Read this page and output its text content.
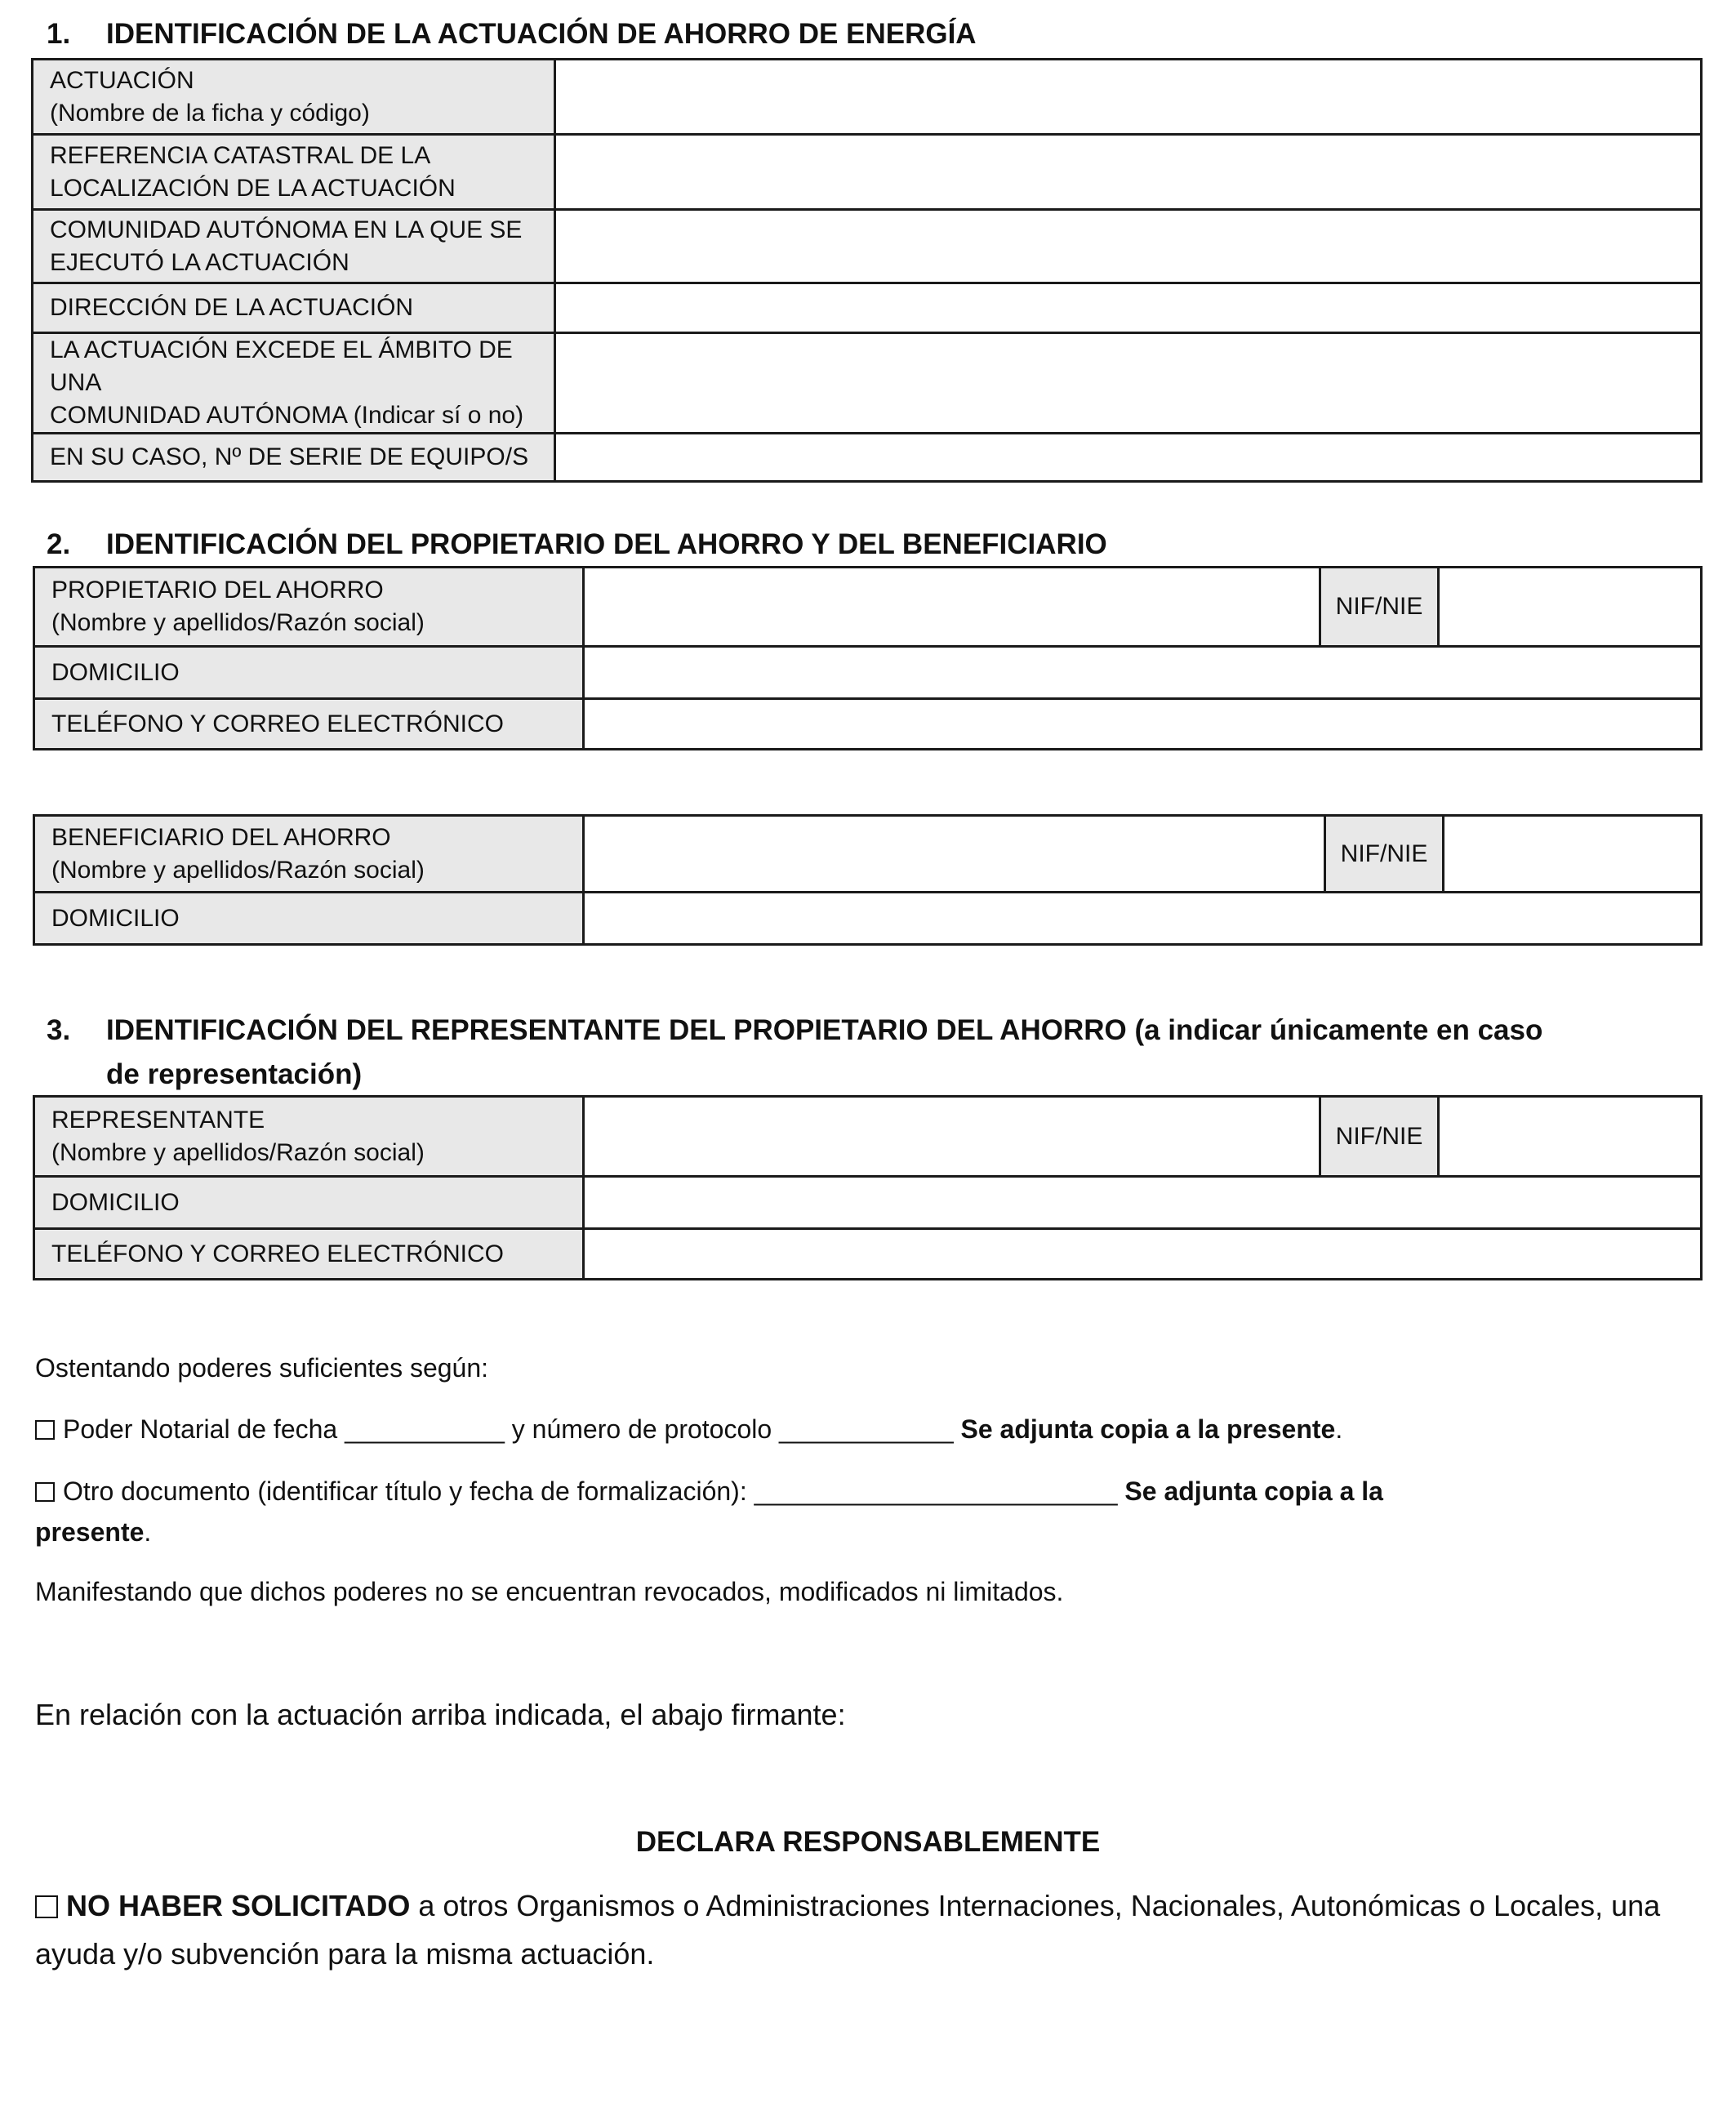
1. IDENTIFICACIÓN DE LA ACTUACIÓN DE AHORRO DE ENERGÍA
ACTUACIÓN
(Nombre de la ficha y código)	

REFERENCIA CATASTRAL DE LA
LOCALIZACIÓN DE LA ACTUACIÓN	

COMUNIDAD AUTÓNOMA EN LA QUE SE
EJECUTÓ LA ACTUACIÓN	

DIRECCIÓN DE LA ACTUACIÓN	

LA ACTUACIÓN EXCEDE EL ÁMBITO DE UNA
COMUNIDAD AUTÓNOMA (Indicar sí o no)	

EN SU CASO, Nº DE SERIE DE EQUIPO/S	

2. IDENTIFICACIÓN DEL PROPIETARIO DEL AHORRO Y DEL BENEFICIARIO
PROPIETARIO DEL AHORRO
(Nombre y apellidos/Razón social)		NIF/NIE	
DOMICILIO			
TELÉFONO Y CORREO ELECTRÓNICO			
BENEFICIARIO DEL AHORRO
(Nombre y apellidos/Razón social)		NIF/NIE	
DOMICILIO			
3. IDENTIFICACIÓN DEL REPRESENTANTE DEL PROPIETARIO DEL AHORRO (a indicar únicamente en caso
de representación)
REPRESENTANTE
(Nombre y apellidos/Razón social)		NIF/NIE	
DOMICILIO			
TELÉFONO Y CORREO ELECTRÓNICO			

Ostentando poderes suficientes según:

Poder Notarial de fecha ___________ y número de protocolo ____________ Se adjunta copia a la presente.

Otro documento (identificar título y fecha de formalización): _________________________ Se adjunta copia a la

presente.

Manifestando que dichos poderes no se encuentran revocados, modificados ni limitados.

En relación con la actuación arriba indicada, el abajo firmante:

DECLARA RESPONSABLEMENTE

NO HABER SOLICITADO a otros Organismos o Administraciones Internaciones, Nacionales, Autonómicas o Locales, una

ayuda y/o subvención para la misma actuación.
